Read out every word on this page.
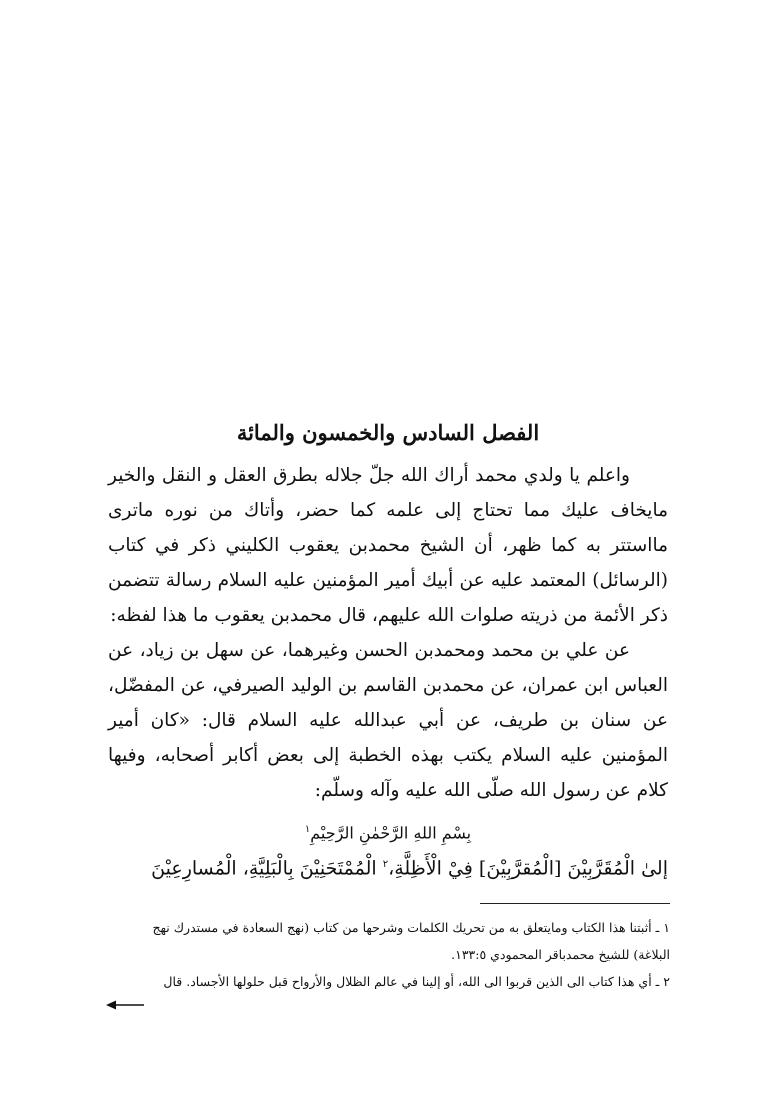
الفصل السادس والخمسون والمائة

واعلم يا ولدي محمد أراك الله جلّ جلاله بطرق العقل و النقل والخير مايخاف عليك مما تحتاج إلى علمه كما حضر، وأتاك من نوره ماترى مااستتر به كما ظهر، أن الشيخ محمدبن يعقوب الكليني ذكر في كتاب (الرسائل) المعتمد عليه عن أبيك أمير المؤمنين عليه السلام رسالة تتضمن ذكر الأئمة من ذريته صلوات الله عليهم، قال محمدبن يعقوب ما هذا لفظه:

عن علي بن محمد ومحمدبن الحسن وغيرهما، عن سهل بن زياد، عن العباس ابن عمران، عن محمدبن القاسم بن الوليد الصيرفي، عن المفضّل، عن سنان بن طريف، عن أبي عبدالله عليه السلام قال: «كان أمير المؤمنين عليه السلام يكتب بهذه الخطبة إلى بعض أكابر أصحابه، وفيها كلام عن رسول الله صلّى الله عليه وآله وسلّم:

بِسْمِ اللهِ الرَّحْمٰنِ الرَّحِيْمِ$^١$
إلىٰ الْمُقَرَّبِيْنَ [الْمُقرَّبِيْنَ] فِيْ الْأَظِلَّةِ،$^٢$ الْمُمْتَحَنِيْنَ بِالْبَلِيَّةِ، الْمُسارِعِيْنَ

١ ـ أثبتنا هذا الكتاب ومايتعلق به من تحريك الكلمات وشرحها من كتاب (نهج السعادة في مستدرك نهج

البلاغة) للشيخ محمدباقر المحمودي ١٣٣:٥.

٢ ـ أي هذا كتاب الى الذين قربوا الى الله، أو إلينا في عالم الظلال والأرواح قبل حلولها الأجساد. قال
